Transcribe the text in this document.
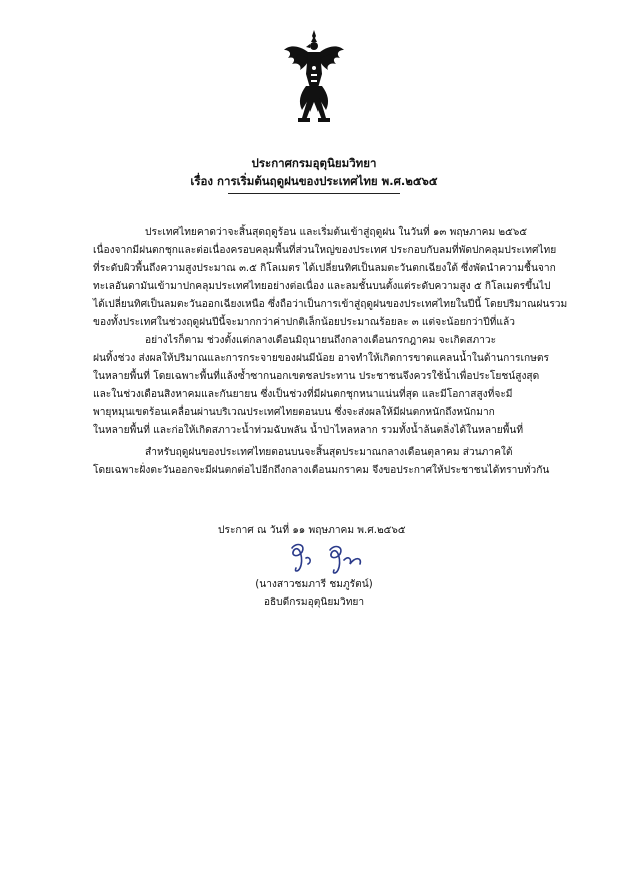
ประกาศกรมอุตุนิยมวิทยา
เรื่อง การเริ่มต้นฤดูฝนของประเทศไทย พ.ศ.๒๕๖๕
ประเทศไทยคาดว่าจะสิ้นสุดฤดูร้อน และเริ่มต้นเข้าสู่ฤดูฝน ในวันที่ ๑๓ พฤษภาคม ๒๕๖๕
เนื่องจากมีฝนตกชุกและต่อเนื่องครอบคลุมพื้นที่ส่วนใหญ่ของประเทศ ประกอบกับลมที่พัดปกคลุมประเทศไทย
ที่ระดับผิวพื้นถึงความสูงประมาณ ๓.๕ กิโลเมตร ได้เปลี่ยนทิศเป็นลมตะวันตกเฉียงใต้ ซึ่งพัดนำความชื้นจาก
ทะเลอันดามันเข้ามาปกคลุมประเทศไทยอย่างต่อเนื่อง และลมชั้นบนตั้งแต่ระดับความสูง ๕ กิโลเมตรขึ้นไป
ได้เปลี่ยนทิศเป็นลมตะวันออกเฉียงเหนือ ซึ่งถือว่าเป็นการเข้าสู่ฤดูฝนของประเทศไทยในปีนี้ โดยปริมาณฝนรวม
ของทั้งประเทศในช่วงฤดูฝนปีนี้จะมากกว่าค่าปกติเล็กน้อยประมาณร้อยละ ๓ แต่จะน้อยกว่าปีที่แล้ว
อย่างไรก็ตาม ช่วงตั้งแต่กลางเดือนมิถุนายนถึงกลางเดือนกรกฎาคม จะเกิดสภาวะ
ฝนทิ้งช่วง ส่งผลให้ปริมาณและการกระจายของฝนมีน้อย อาจทำให้เกิดการขาดแคลนน้ำในด้านการเกษตร
ในหลายพื้นที่ โดยเฉพาะพื้นที่แล้งซ้ำซากนอกเขตชลประทาน ประชาชนจึงควรใช้น้ำเพื่อประโยชน์สูงสุด
และในช่วงเดือนสิงหาคมและกันยายน ซึ่งเป็นช่วงที่มีฝนตกชุกหนาแน่นที่สุด และมีโอกาสสูงที่จะมี
พายุหมุนเขตร้อนเคลื่อนผ่านบริเวณประเทศไทยตอนบน ซึ่งจะส่งผลให้มีฝนตกหนักถึงหนักมาก
ในหลายพื้นที่ และก่อให้เกิดสภาวะน้ำท่วมฉับพลัน น้ำป่าไหลหลาก รวมทั้งน้ำล้นตลิ่งได้ในหลายพื้นที่
สำหรับฤดูฝนของประเทศไทยตอนบนจะสิ้นสุดประมาณกลางเดือนตุลาคม ส่วนภาคใต้
โดยเฉพาะฝั่งตะวันออกจะมีฝนตกต่อไปอีกถึงกลางเดือนมกราคม จึงขอประกาศให้ประชาชนได้ทราบทั่วกัน
ประกาศ ณ วันที่ ๑๑ พฤษภาคม พ.ศ.๒๕๖๕
(นางสาวชมภารี ชมภูรัตน์)
อธิบดีกรมอุตุนิยมวิทยา
